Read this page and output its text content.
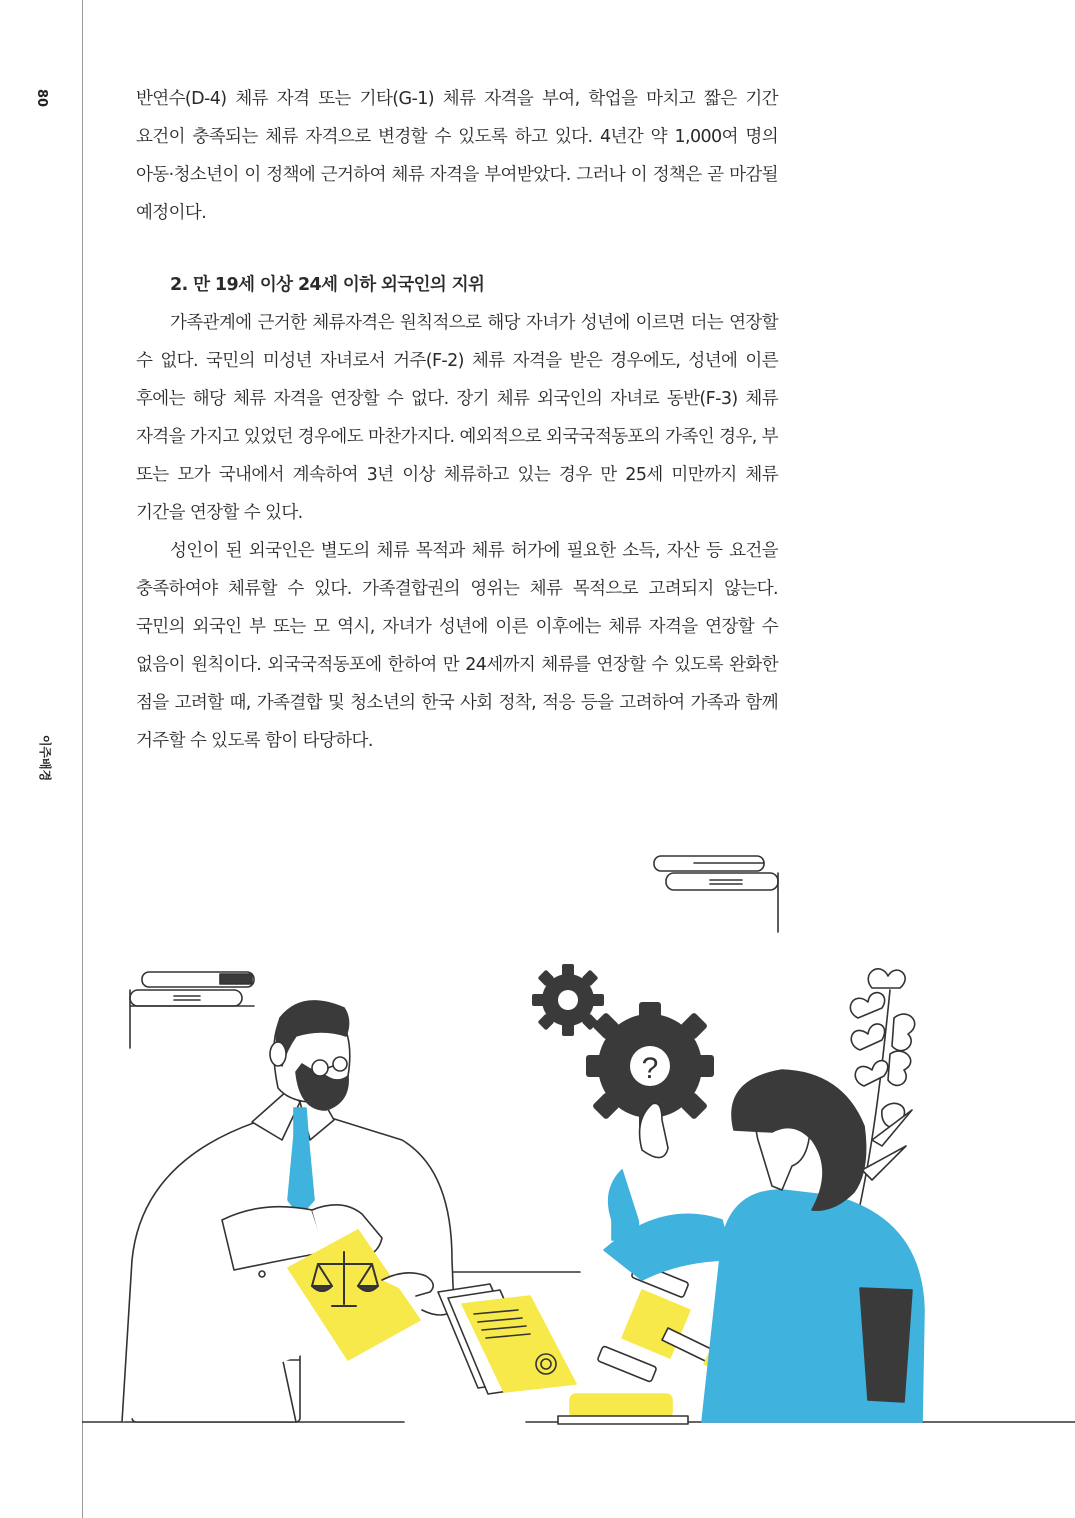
80
이주배경

반연수(D-4) 체류 자격 또는 기타(G-1) 체류 자격을 부여, 학업을 마치고 짧은 기간 요건이 충족되는 체류 자격으로 변경할 수 있도록 하고 있다. 4년간 약 1,000여 명의 아동·청소년이 이 정책에 근거하여 체류 자격을 부여받았다. 그러나 이 정책은 곧 마감될 예정이다.

2. 만 19세 이상 24세 이하 외국인의 지위

가족관계에 근거한 체류자격은 원칙적으로 해당 자녀가 성년에 이르면 더는 연장할 수 없다. 국민의 미성년 자녀로서 거주(F-2) 체류 자격을 받은 경우에도, 성년에 이른 후에는 해당 체류 자격을 연장할 수 없다. 장기 체류 외국인의 자녀로 동반(F-3) 체류 자격을 가지고 있었던 경우에도 마찬가지다. 예외적으로 외국국적동포의 가족인 경우, 부 또는 모가 국내에서 계속하여 3년 이상 체류하고 있는 경우 만 25세 미만까지 체류 기간을 연장할 수 있다.

성인이 된 외국인은 별도의 체류 목적과 체류 허가에 필요한 소득, 자산 등 요건을 충족하여야 체류할 수 있다. 가족결합권의 영위는 체류 목적으로 고려되지 않는다. 국민의 외국인 부 또는 모 역시, 자녀가 성년에 이른 이후에는 체류 자격을 연장할 수 없음이 원칙이다. 외국국적동포에 한하여 만 24세까지 체류를 연장할 수 있도록 완화한 점을 고려할 때, 가족결합 및 청소년의 한국 사회 정착, 적응 등을 고려하여 가족과 함께 거주할 수 있도록 함이 타당하다.

?
